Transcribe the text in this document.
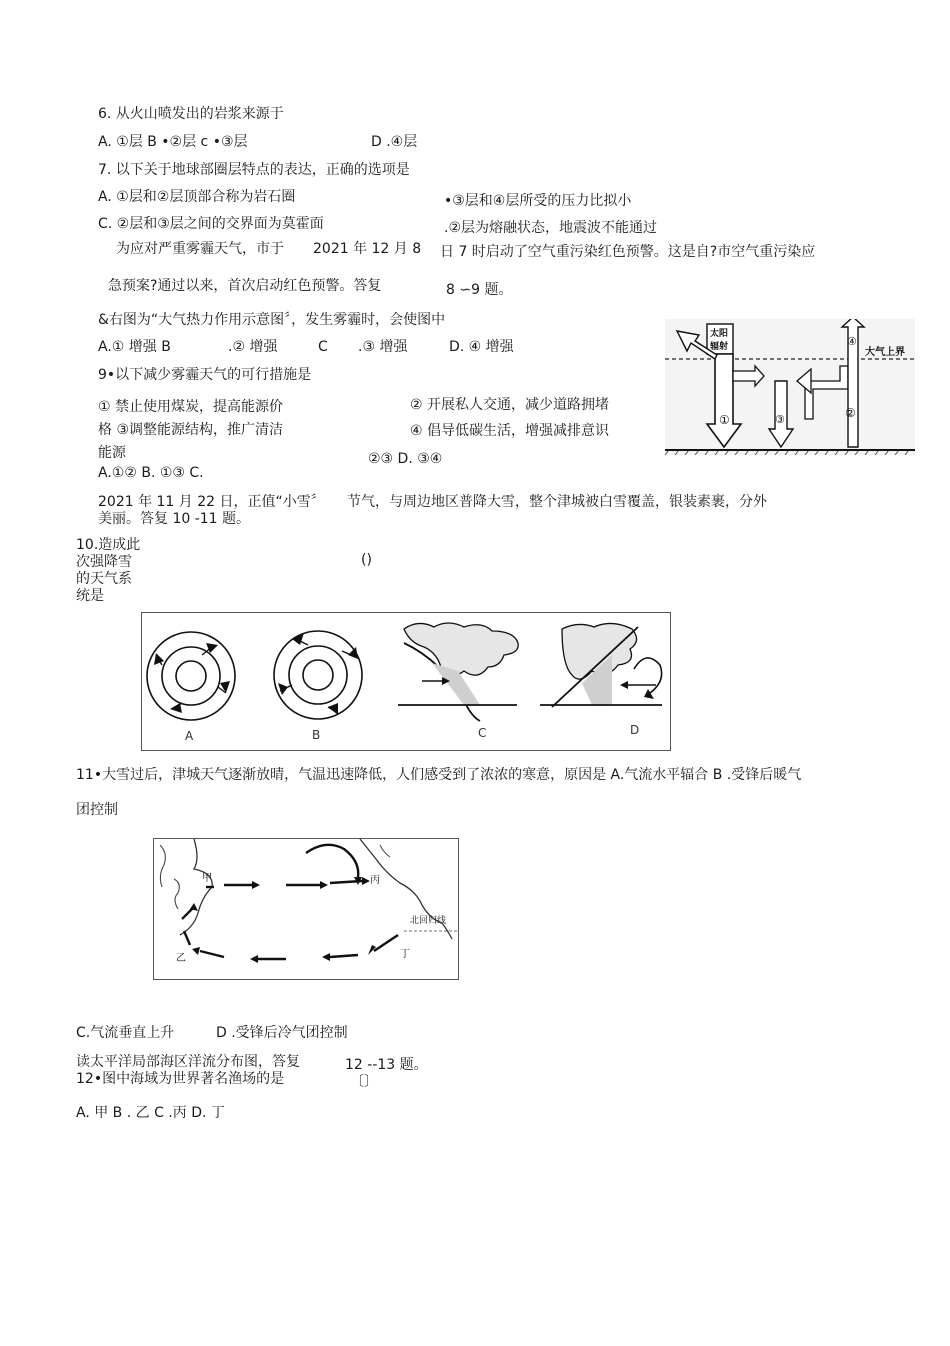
6. 从火山喷发出的岩浆来源于
A. ①层 B •②层 c •③层	D .④层
7. 以下关于地球部圈层特点的表达，正确的选项是
A. ①层和②层顶部合称为岩石圈	•③层和④层所受的压力比拟小
C. ②层和③层之间的交界面为莫霍面	.②层为熔融状态，地震波不能通过
为应对严重雾霾天气，市于 2021 年 12 月 8 日 7 时启动了空气重污染红色预警。这是自?市空气重污染应
急预案?通过以来，首次启动红色预警。答复	8 ∽9 题。
&右图为“大气热力作用示意图〞，发生雾霾时，会使图中
A.① 增强 B	.② 增强	C .③ 增强	D. ④ 增强
太阳
辐射	大气上界
①	②
③
④
9•以下减少雾霾天气的可行措施是
① 禁止使用煤炭，提高能源价	② 开展私人交通，减少道路拥堵
格 ③调整能源结构，推广清洁	④ 倡导低碳生活，增强减排意识
能源
A.①② B. ①③ C.
②③ D. ③④
2021 年 11 月 22 日，正值“小雪〞 节气，与周边地区普降大雪，整个津城被白雪覆盖，银装素裹，分外
美丽。答复 10 -11 题。
10.造成此
次强降雪
的天气系
统是
()
A	B	C	D
11•大雪过后，津城天气逐渐放晴，气温迅速降低，人们感受到了浓浓的寒意，原因是 A.气流水平辐合 B .受锋后暖气
团控制
甲
乙
丙
丁
北回归线
C.气流垂直上升	D .受锋后冷气团控制
读太平洋局部海区洋流分布图，答复	12 --13 题。
12•图中海域为世界著名渔场的是	〔〕
A. 甲 B . 乙 C .丙 D. 丁
